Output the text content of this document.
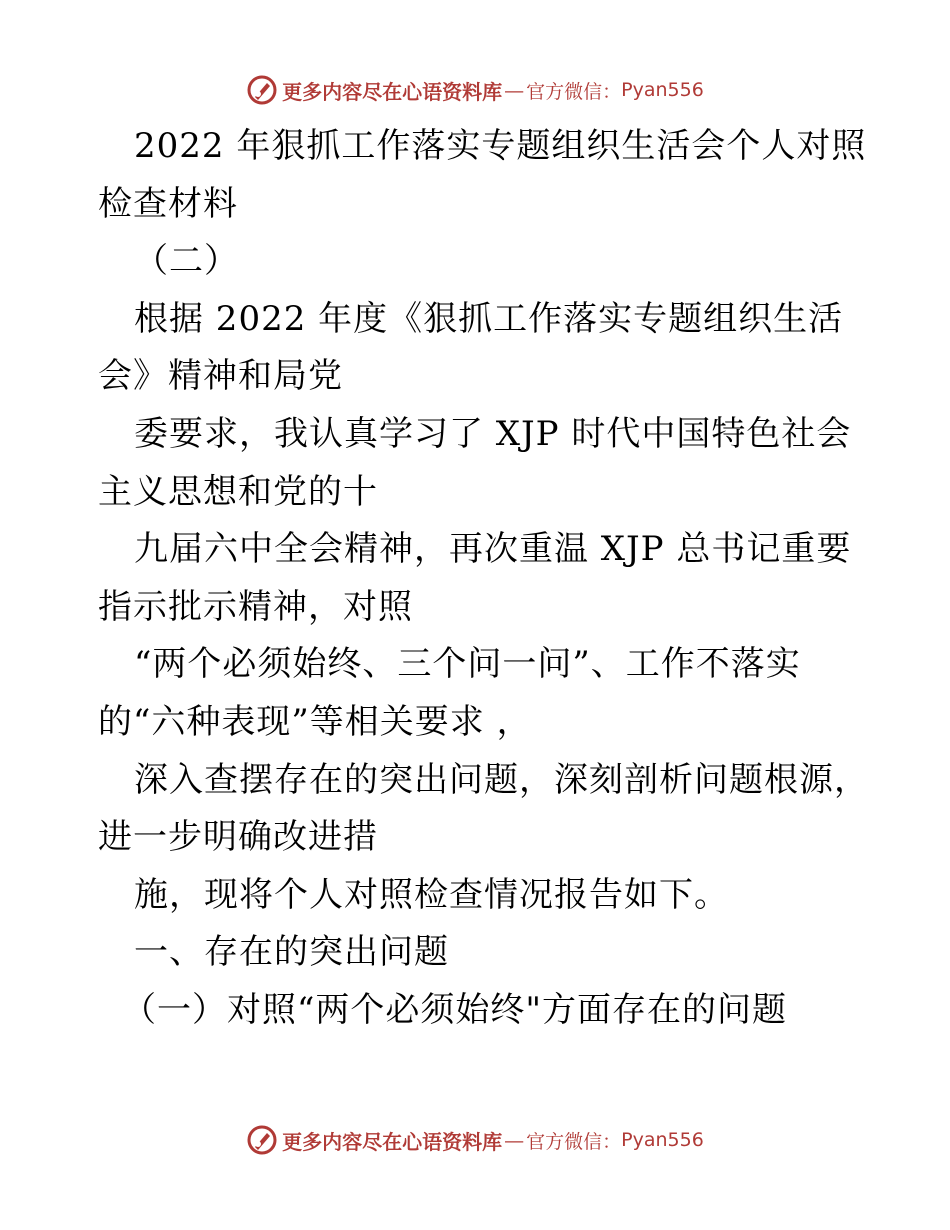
更多内容尽在心语资料库 — 官方微信： Pyan556
2022 年狠抓工作落实专题组织生活会个人对照
检查材料
（二）
根据 2022 年度《狠抓工作落实专题组织生活
会》精神和局党
委要求，我认真学习了 XJP 时代中国特色社会
主义思想和党的十
九届六中全会精神，再次重温 XJP 总书记重要
指示批示精神，对照
“两个必须始终、三个问一问”、工作不落实
的“六种表现”等相关要求 ，
深入查摆存在的突出问题，深刻剖析问题根源，
进一步明确改进措
施，现将个人对照检查情况报告如下。
一、存在的突出问题
（一）对照“两个必须始终"方面存在的问题
更多内容尽在心语资料库 — 官方微信： Pyan556
